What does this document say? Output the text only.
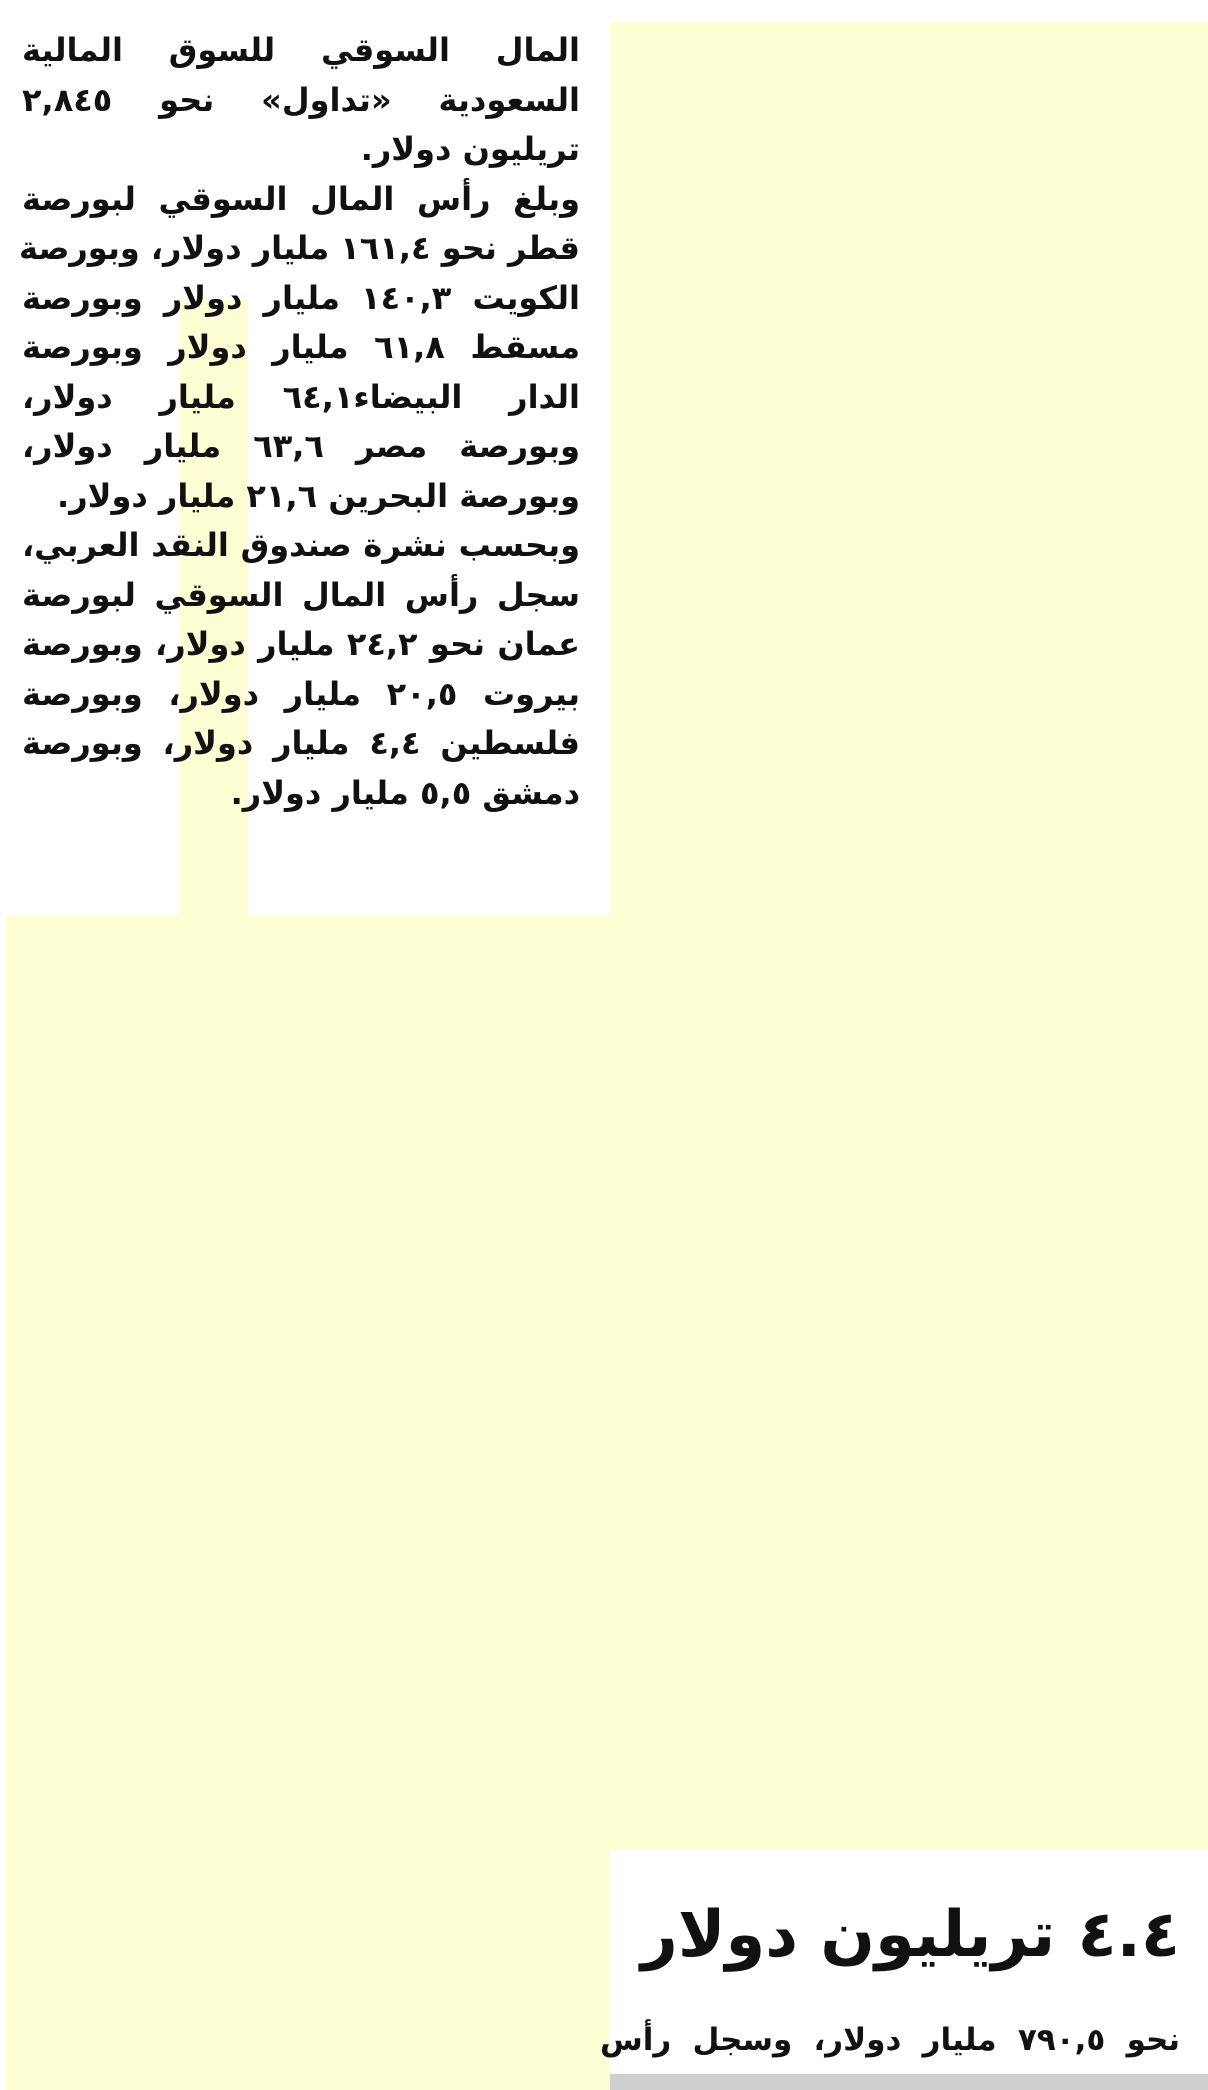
المال السوقي للسوق المالية
السعودية «تداول» نحو ٢,٨٤٥
تريليون دولار.
وبلغ رأس المال السوقي لبورصة
قطر نحو ١٦١,٤ مليار دولار، وبورصة
الكويت ١٤٠,٣ مليار دولار وبورصة
مسقط ٦١,٨ مليار دولار وبورصة
الدار البيضاء٦٤,١ مليار دولار،
وبورصة مصر ٦٣,٦ مليار دولار،
وبورصة البحرين ٢١,٦ مليار دولار.
وبحسب نشرة صندوق النقد العربي،
سجل رأس المال السوقي لبورصة
عمان نحو ٢٤,٢ مليار دولار، وبورصة
بيروت ٢٠,٥ مليار دولار، وبورصة
فلسطين ٤,٤ مليار دولار، وبورصة
دمشق ٥,٥ مليار دولار.
٤.٤ تريليون دولار

نحو ٧٩٠,٥ مليار دولار، وسجل رأس
